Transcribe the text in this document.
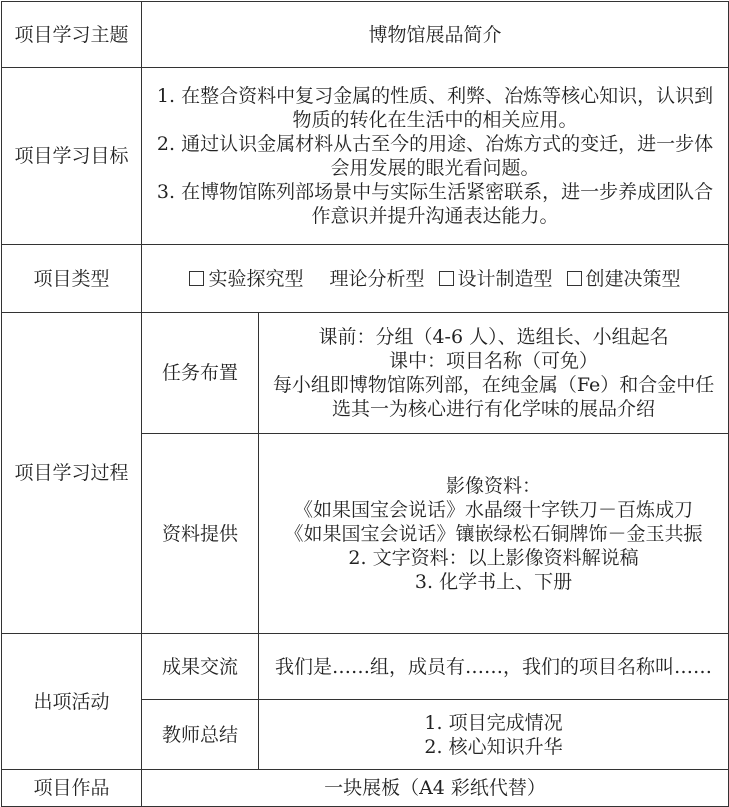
项目学习主题	博物馆展品简介	
项目学习目标	1. 在整合资料中复习金属的性质、利弊、冶炼等核心知识，认识到物质的转化在生活中的相关应用。
2. 通过认识金属材料从古至今的用途、冶炼方式的变迁，进一步体会用发展的眼光看问题。
3. 在博物馆陈列部场景中与实际生活紧密联系，进一步养成团队合作意识并提升沟通表达能力。	

项目类型	实验探究型 理论分析型 设计制造型 创建决策型	
项目学习过程	任务布置	课前：分组（4-6 人）、选组长、小组起名
课中：项目名称（可免）
每小组即博物馆陈列部，在纯金属（Fe）和合金中任选其一为核心进行有化学味的展品介绍

	资料提供	影像资料：
《如果国宝会说话》水晶缀十字铁刀－百炼成刀
《如果国宝会说话》镶嵌绿松石铜牌饰－金玉共振
2. 文字资料：以上影像资料解说稿
3. 化学书上、下册

出项活动	成果交流	我们是……组，成员有……，我们的项目名称叫……
	教师总结	1. 项目完成情况
2. 核心知识升华

项目作品	一块展板（A4 彩纸代替）	
